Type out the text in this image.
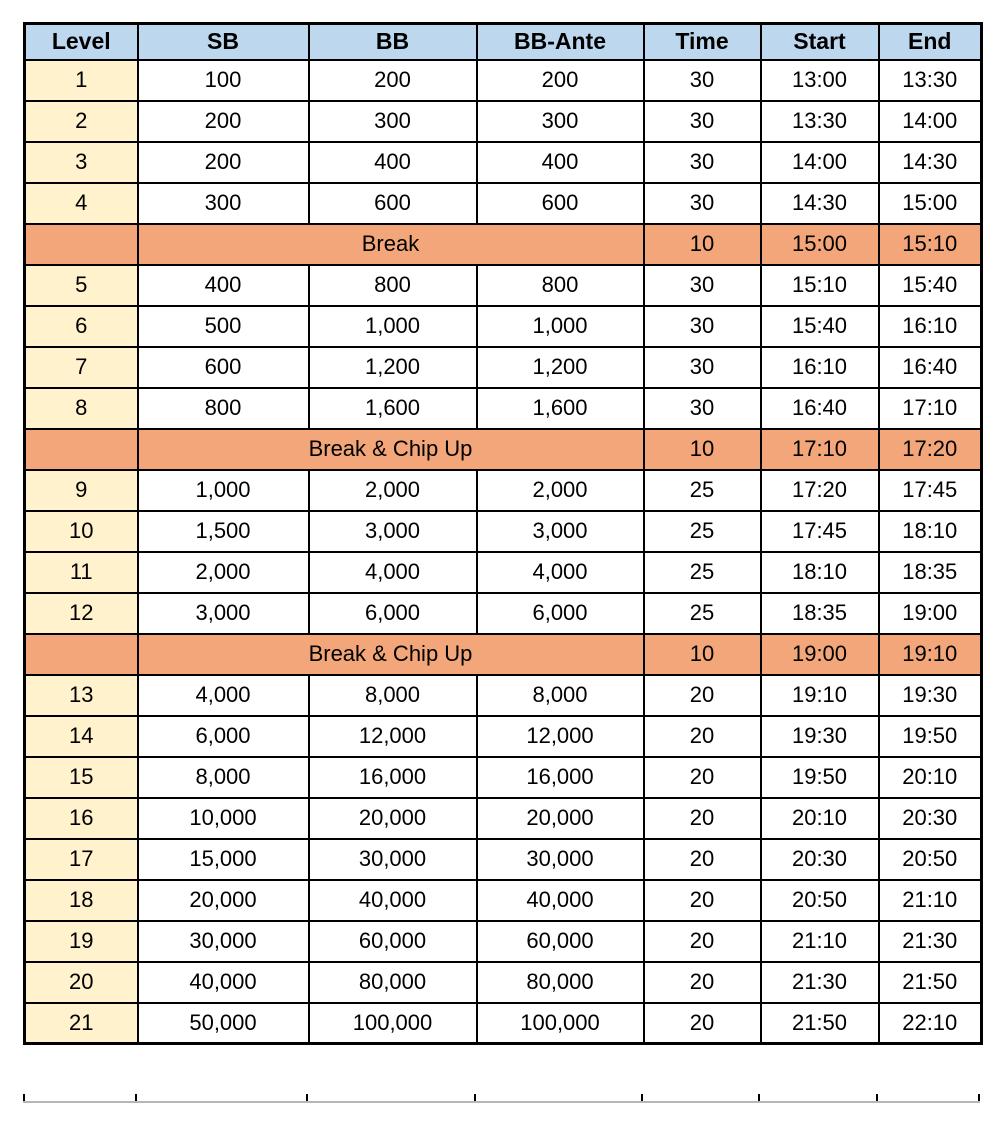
Level	SB	BB	BB-Ante	Time	Start	End
1	100	200	200	30	13:00	13:30
2	200	300	300	30	13:30	14:00
3	200	400	400	30	14:00	14:30
4	300	600	600	30	14:30	15:00
	Break			10	15:00	15:10
5	400	800	800	30	15:10	15:40
6	500	1,000	1,000	30	15:40	16:10
7	600	1,200	1,200	30	16:10	16:40
8	800	1,600	1,600	30	16:40	17:10
	Break & Chip Up			10	17:10	17:20
9	1,000	2,000	2,000	25	17:20	17:45
10	1,500	3,000	3,000	25	17:45	18:10
11	2,000	4,000	4,000	25	18:10	18:35
12	3,000	6,000	6,000	25	18:35	19:00
	Break & Chip Up			10	19:00	19:10
13	4,000	8,000	8,000	20	19:10	19:30
14	6,000	12,000	12,000	20	19:30	19:50
15	8,000	16,000	16,000	20	19:50	20:10
16	10,000	20,000	20,000	20	20:10	20:30
17	15,000	30,000	30,000	20	20:30	20:50
18	20,000	40,000	40,000	20	20:50	21:10
19	30,000	60,000	60,000	20	21:10	21:30
20	40,000	80,000	80,000	20	21:30	21:50
21	50,000	100,000	100,000	20	21:50	22:10
